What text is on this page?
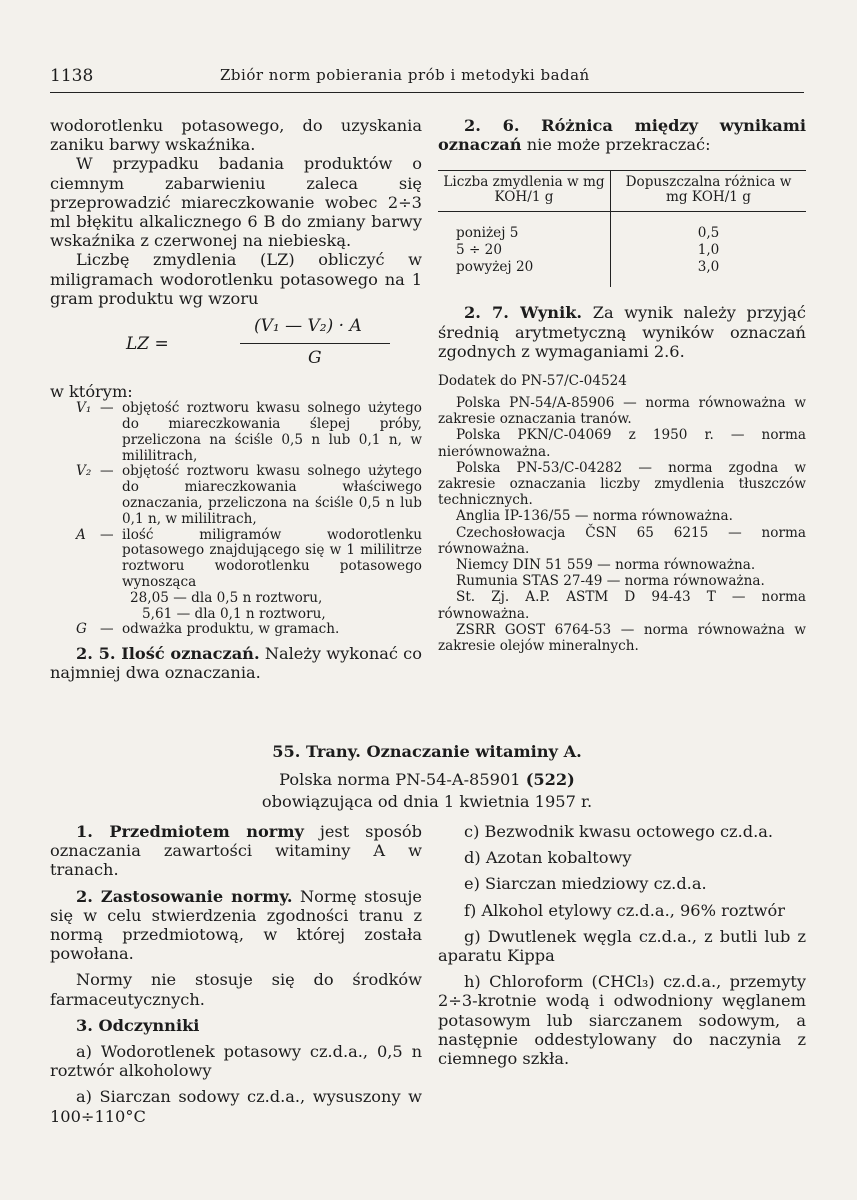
1138	Zbiór norm pobierania prób i metodyki badań

wodorotlenku potasowego, do uzyskania zaniku barwy wskaźnika.

W przypadku badania produktów o ciemnym zabarwieniu zaleca się przeprowadzić miareczkowanie wobec 2÷3 ml błękitu alkalicznego 6 B do zmiany barwy wskaźnika z czerwonej na niebieską.

Liczbę zmydlenia (LZ) obliczyć w miligramach wodorotlenku potasowego na 1 gram produktu wg wzoru

LZ =
(V₁ — V₂) · A
G

w którym:

V₁ — objętość roztworu kwasu solnego użytego do miareczkowania ślepej próby, przeliczona na ściśle 0,5 n lub 0,1 n, w mililitrach,
V₂ — objętość roztworu kwasu solnego użytego do miareczkowania właściwego oznaczania, przeliczona na ściśle 0,5 n lub 0,1 n, w mililitrach,
A — ilość miligramów wodorotlenku potasowego znajdującego się w 1 mililitrze roztworu wodorotlenku potasowego wynosząca
28,05 — dla 0,5 n roztworu,
5,61 — dla 0,1 n roztworu,
G — odważka produktu, w gramach.

2. 5. Ilość oznaczań. Należy wykonać co najmniej dwa oznaczania.

2. 6. Różnica między wynikami oznaczań nie może przekraczać:

Liczba zmydlenia w mg KOH/1 g	Dopuszczalna różnica w mg KOH/1 g
poniżej 5	0,5
5 ÷ 20	1,0
powyżej 20	3,0

2. 7. Wynik. Za wynik należy przyjąć średnią arytmetyczną wyników oznaczań zgodnych z wymaganiami 2.6.

Dodatek do PN-57/C-04524

Polska PN-54/A-85906 — norma równoważna w zakresie oznaczania tranów.

Polska PKN/C-04069 z 1950 r. — norma nierównoważna.

Polska PN-53/C-04282 — norma zgodna w zakresie oznaczania liczby zmydlenia tłuszczów technicznych.

Anglia IP-136/55 — norma równoważna.

Czechosłowacja ČSN 65 6215 — norma równoważna.

Niemcy DIN 51 559 — norma równoważna.

Rumunia STAS 27-49 — norma równoważna.

St. Zj. A.P. ASTM D 94-43 T — norma równoważna.

ZSRR GOST 6764-53 — norma równoważna w zakresie olejów mineralnych.

55. Trany. Oznaczanie witaminy A.
Polska norma PN-54-A-85901 (522)
obowiązująca od dnia 1 kwietnia 1957 r.

1. Przedmiotem normy jest sposób oznaczania zawartości witaminy A w tranach.

2. Zastosowanie normy. Normę stosuje się w celu stwierdzenia zgodności tranu z normą przedmiotową, w której została powołana.

Normy nie stosuje się do środków farmaceutycznych.

3. Odczynniki

a) Wodorotlenek potasowy cz.d.a., 0,5 n roztwór alkoholowy

a) Siarczan sodowy cz.d.a., wysuszony w 100÷110°C

c) Bezwodnik kwasu octowego cz.d.a.

d) Azotan kobaltowy

e) Siarczan miedziowy cz.d.a.

f) Alkohol etylowy cz.d.a., 96% roztwór

g) Dwutlenek węgla cz.d.a., z butli lub z aparatu Kippa

h) Chloroform (CHCl₃) cz.d.a., przemyty 2÷3-krotnie wodą i odwodniony węglanem potasowym lub siarczanem sodowym, a następnie oddestylowany do naczynia z ciemnego szkła.
